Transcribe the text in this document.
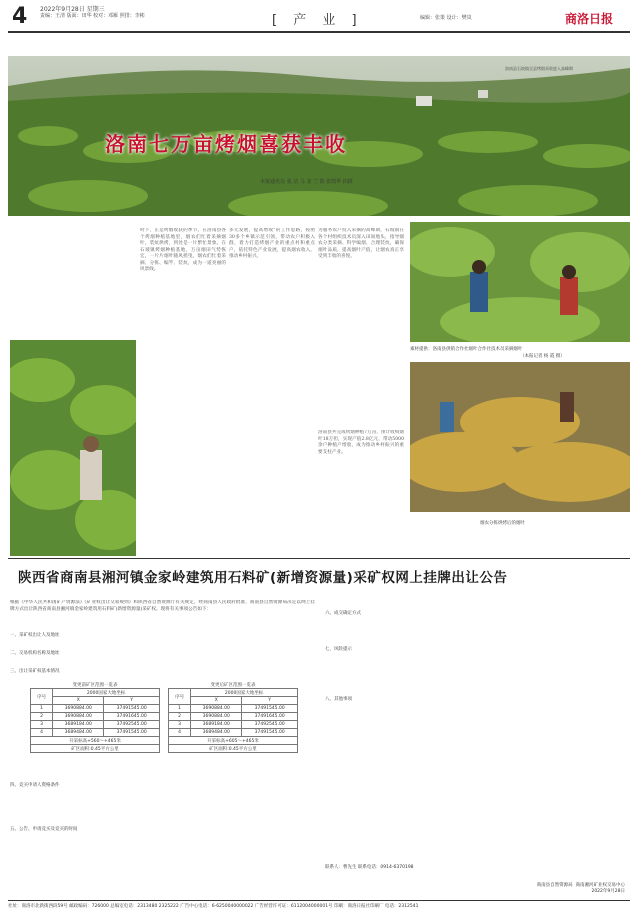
4 2022年9月28日 星期三
责编：王清 版面：田华 校对：邓雁 照排：李彬	[ 产 业 ]	编辑：张策 设计：樊岚	商洛日报
洛南县石坡镇全县烤烟采收进入高峰期
洛南七万亩烤烟喜获丰收
本报通讯员 张 洁 马 龙 兰 凯 张凯华 拍摄
时下，正是烤烟收获的季节，在洛南县各个烤烟种植基地里，烟农们忙着采摘烟叶，装炕烘烤，到处是一片繁忙景象。在石坡镇烤烟种植基地，万亩烟田气势恢宏，一片片烟叶随风摇曳，烟农们忙着采摘、分拣、编竿、装炕，成为一道亮丽的风景线。
多元发展，提高增收"的工作思路，按照30多个乡镇示范引领，带动农户积极入群，着力打造烤烟产业的重点村和重点户，依托特色产业发展，提高烟农收入，推动乡村振兴。
为服务农户投入采摘的高峰期，石坡镇在各个村组织技术员深入田间地头，指导烟农分类采摘、科学编烟、合理装炕，确保烟叶品质，提高烟叶产值，让烟农真正享受到丰收的喜悦。
洛南县共完成烤烟种植7万亩，预计收购烟叶18万担，实现产值2.8亿元，带动5000余户种植户增收，成为推动乡村振兴的重要支柱产业。
素材提供：洛南县供销合作社烟叶合作社技术员采摘烟叶
（本报记者 杨 霞 摄）
烟农分拣烘烤后的烟叶
陕西省商南县湘河镇金家岭建筑用石料矿(新增资源量)采矿权网上挂牌出让公告
根据《中华人民共和国矿产资源法》《矿业权出让交易规则》和陕西省自然资源厅有关规定，经商南县人民政府批准，商南县自然资源局决定以网上挂牌方式出让陕西省商南县湘河镇金家岭建筑用石料矿(新增资源量)采矿权。现将有关事项公告如下：
一、采矿权出让人及地址
二、交易机构名称及地址
三、出让采矿权基本情况
变更前矿区范围一览表
序号	2000国家大地坐标	
	X	Y
1	3690884.00	37491545.00
2	3690884.00	37491645.00
3	3689184.00	37492545.00
4	3689484.00	37491545.00
开采标高+560～+465米		
矿区面积:0.45平方公里		
变更后矿区范围一览表
序号	2000国家大地坐标	
	X	Y
1	3690884.00	37491545.00
2	3690884.00	37491645.00
3	3689184.00	37492545.00
4	3689484.00	37491545.00
开采标高+605～+465米		
矿区面积:0.45平方公里		
四、竞买申请人资格条件
五、公告、申请竞买及竞买的时间
六、成交确定方式
七、风险提示
八、其他事项
联系人：曹先生 联系电话：0914-6370198
商南县自然资源局 商南湘河矿业权交易中心
2022年9月28日
社址：商洛市北新街西段59号 邮政编码：726000 总编室电话：2313480 2325222 广告中心电话：6-6250040000022 广告经营许可证：6112004000001号 印刷：商洛日报社印刷厂 电话：2312541
